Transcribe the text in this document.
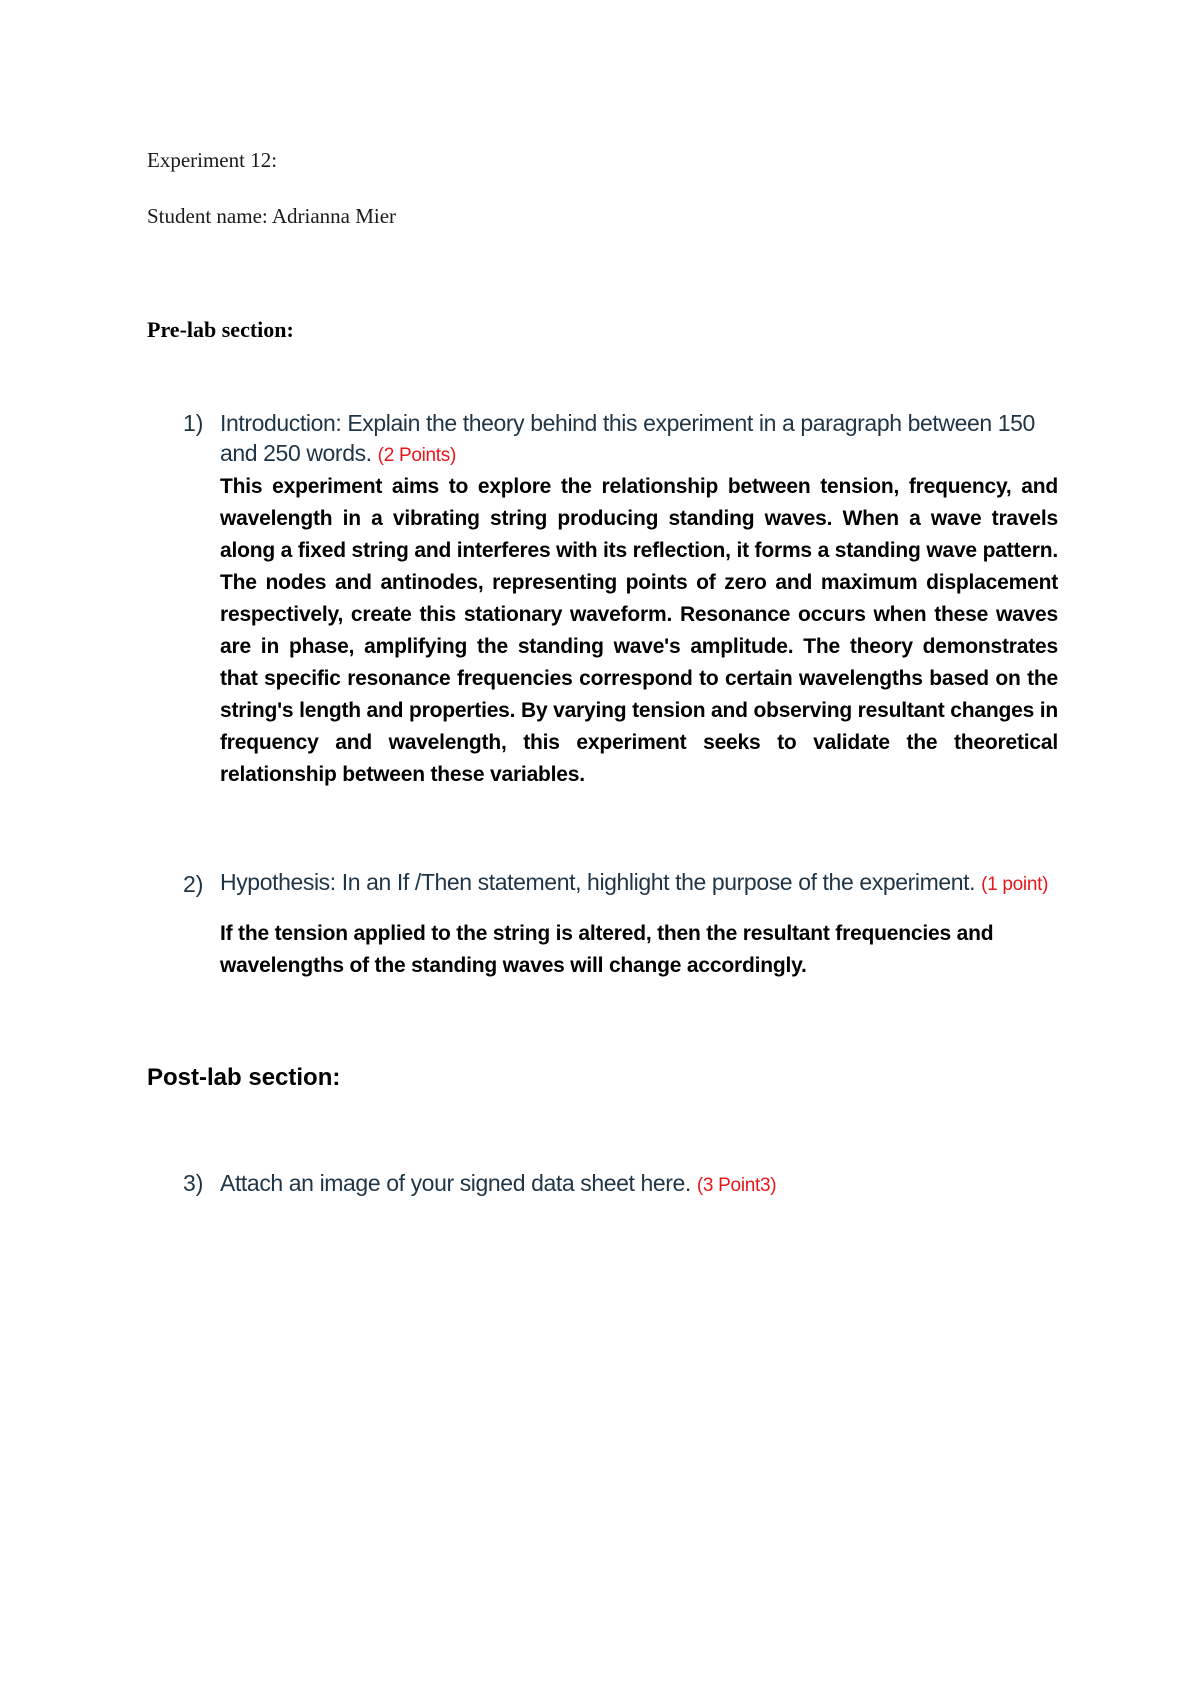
Experiment 12:
Student name: Adrianna Mier
Pre-lab section:
1) Introduction: Explain the theory behind this experiment in a paragraph between 150 and 250 words. (2 Points)

This experiment aims to explore the relationship between tension, frequency, and wavelength in a vibrating string producing standing waves. When a wave travels along a fixed string and interferes with its reflection, it forms a standing wave pattern. The nodes and antinodes, representing points of zero and maximum displacement respectively, create this stationary waveform. Resonance occurs when these waves are in phase, amplifying the standing wave's amplitude. The theory demonstrates that specific resonance frequencies correspond to certain wavelengths based on the string's length and properties. By varying tension and observing resultant changes in frequency and wavelength, this experiment seeks to validate the theoretical relationship between these variables.

2) Hypothesis: In an If /Then statement, highlight the purpose of the experiment. (1 point)

If the tension applied to the string is altered, then the resultant frequencies and wavelengths of the standing waves will change accordingly.

Post-lab section:
3) Attach an image of your signed data sheet here. (3 Point3)
